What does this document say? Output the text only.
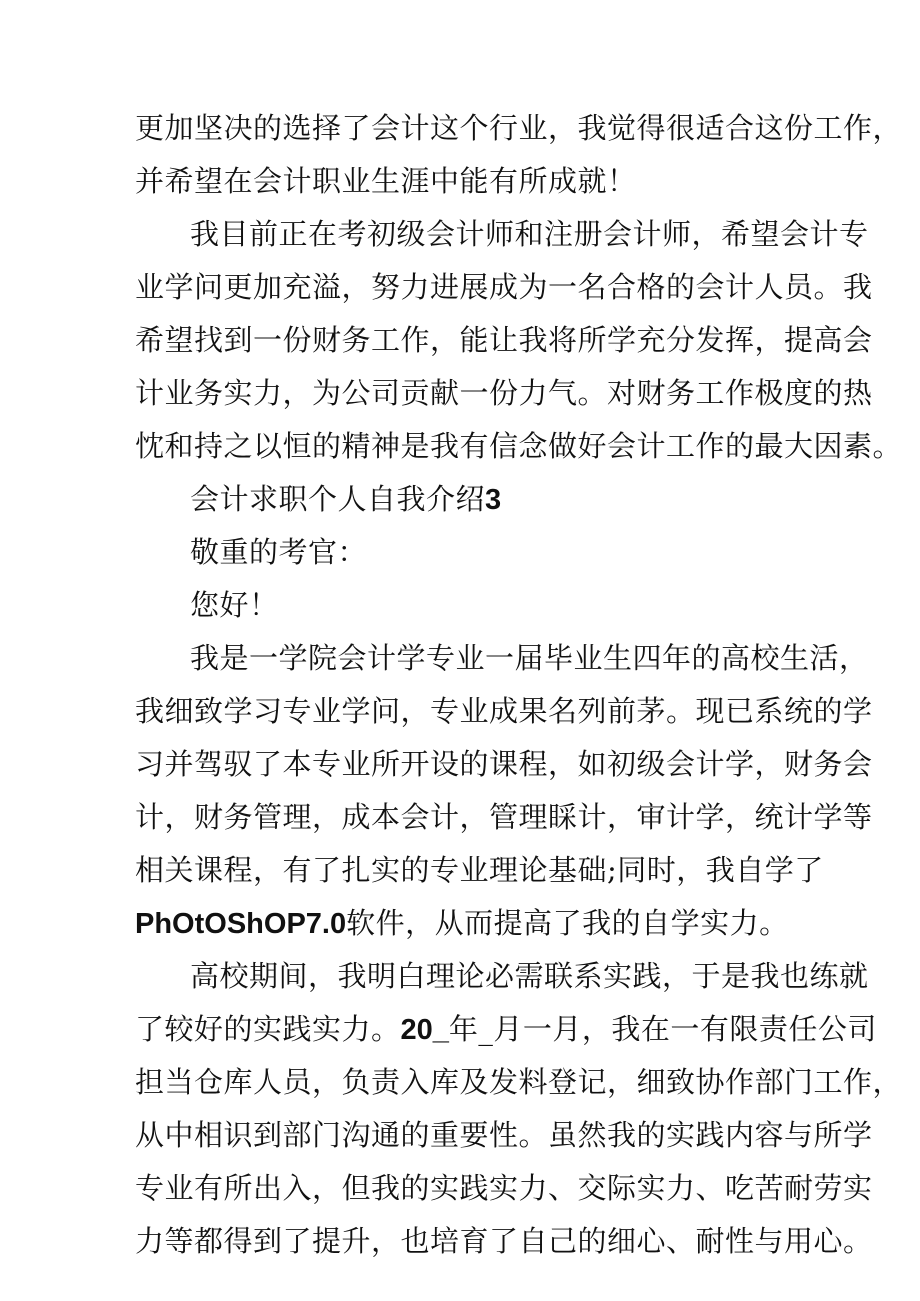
更加坚决的选择了会计这个行业，我觉得很适合这份工作，
并希望在会计职业生涯中能有所成就！
我目前正在考初级会计师和注册会计师，希望会计专
业学问更加充溢，努力进展成为一名合格的会计人员。我
希望找到一份财务工作，能让我将所学充分发挥，提高会
计业务实力，为公司贡献一份力气。对财务工作极度的热
忱和持之以恒的精神是我有信念做好会计工作的最大因素。
会计求职个人自我介绍3
敬重的考官：
您好！
我是一学院会计学专业一届毕业生四年的高校生活，
我细致学习专业学问，专业成果名列前茅。现已系统的学
习并驾驭了本专业所开设的课程，如初级会计学，财务会
计，财务管理，成本会计，管理睬计，审计学，统计学等
相关课程，有了扎实的专业理论基础;同时，我自学了
PhOtOShOP7.0软件，从而提高了我的自学实力。
高校期间，我明白理论必需联系实践，于是我也练就
了较好的实践实力。20_年_月一月，我在一有限责任公司
担当仓库人员，负责入库及发料登记，细致协作部门工作，
从中相识到部门沟通的重要性。虽然我的实践内容与所学
专业有所出入，但我的实践实力、交际实力、吃苦耐劳实
力等都得到了提升，也培育了自己的细心、耐性与用心。
